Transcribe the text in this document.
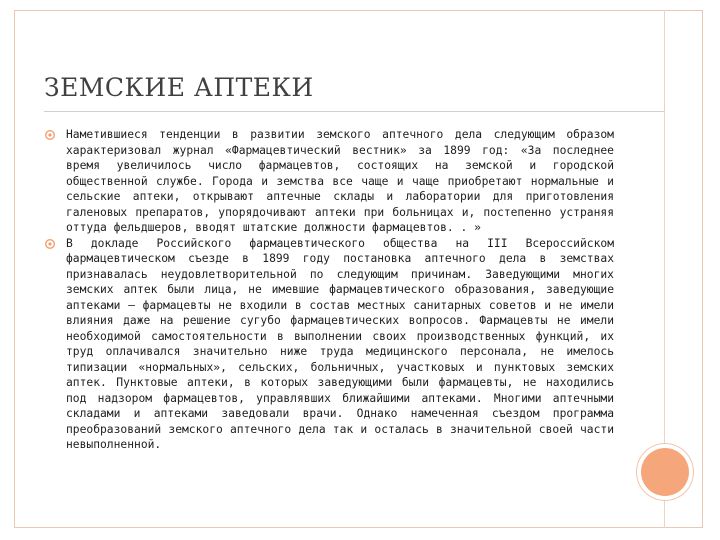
ЗЕМСКИЕ АПТЕКИ

Наметившиеся тенденции в развитии земского аптечного дела следующим образом характеризовал журнал «Фармацевтический вестник» за 1899 год: «За последнее время увеличилось число фармацевтов, состоящих на земской и городской общественной службе. Города и земства все чаще и чаще приобретают нормальные и сельские аптеки, открывают аптечные склады и лаборатории для приготовления галеновых препаратов, упорядочивают аптеки при больницах и, постепенно устраняя оттуда фельдшеров, вводят штатские должности фармацевтов. . »

В докладе Российского фармацевтического общества на III Всероссийском фармацевтическом съезде в 1899 году постановка аптечного дела в земствах признавалась неудовлетворительной по следующим причинам. Заведующими многих земских аптек были лица, не имевшие фармацевтического образования, заведующие аптеками – фармацевты не входили в состав местных санитарных советов и не имели влияния даже на решение сугубо фармацевтических вопросов. Фармацевты не имели необходимой самостоятельности в выполнении своих производственных функций, их труд оплачивался значительно ниже труда медицинского персонала, не имелось типизации «нормальных», сельских, больничных, участковых и пунктовых земских аптек. Пунктовые аптеки, в которых заведующими были фармацевты, не находились под надзором фармацевтов, управлявших ближайшими аптеками. Многими аптечными складами и аптеками заведовали врачи. Однако намеченная съездом программа преобразований земского аптечного дела так и осталась в значительной своей части невыполненной.
